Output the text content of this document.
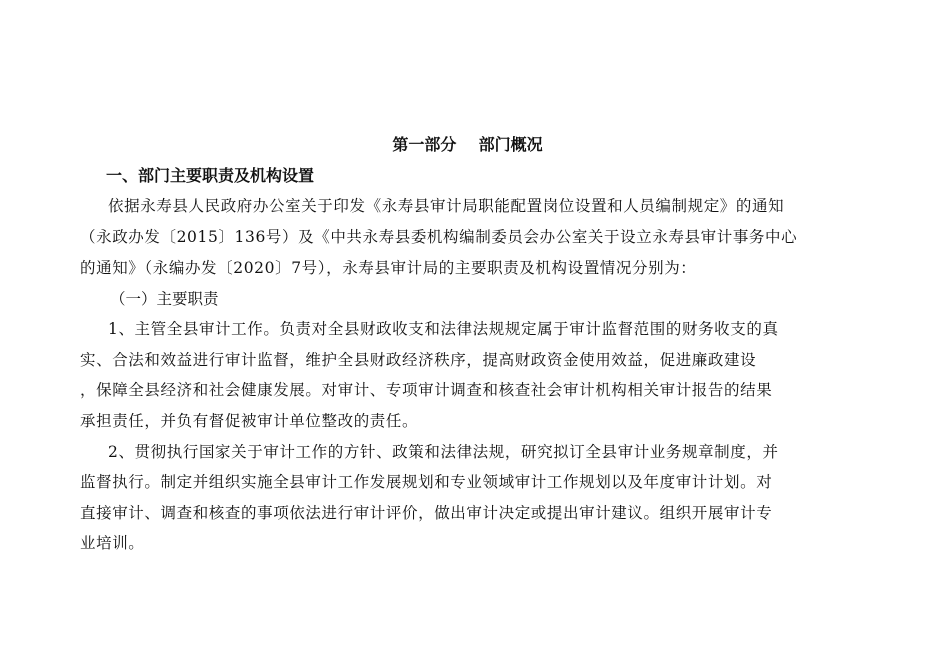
第一部分    部门概况
一、部门主要职责及机构设置
依据永寿县人民政府办公室关于印发《永寿县审计局职能配置岗位设置和人员编制规定》的通知
（永政办发〔2015〕136号）及《中共永寿县委机构编制委员会办公室关于设立永寿县审计事务中心
的通知》（永编办发〔2020〕7号），永寿县审计局的主要职责及机构设置情况分别为：
（一）主要职责
1、主管全县审计工作。负责对全县财政收支和法律法规规定属于审计监督范围的财务收支的真
实、合法和效益进行审计监督，维护全县财政经济秩序，提高财政资金使用效益，促进廉政建设
，保障全县经济和社会健康发展。对审计、专项审计调查和核查社会审计机构相关审计报告的结果
承担责任，并负有督促被审计单位整改的责任。
2、贯彻执行国家关于审计工作的方针、政策和法律法规，研究拟订全县审计业务规章制度，并
监督执行。制定并组织实施全县审计工作发展规划和专业领域审计工作规划以及年度审计计划。对
直接审计、调查和核查的事项依法进行审计评价，做出审计决定或提出审计建议。组织开展审计专
业培训。
